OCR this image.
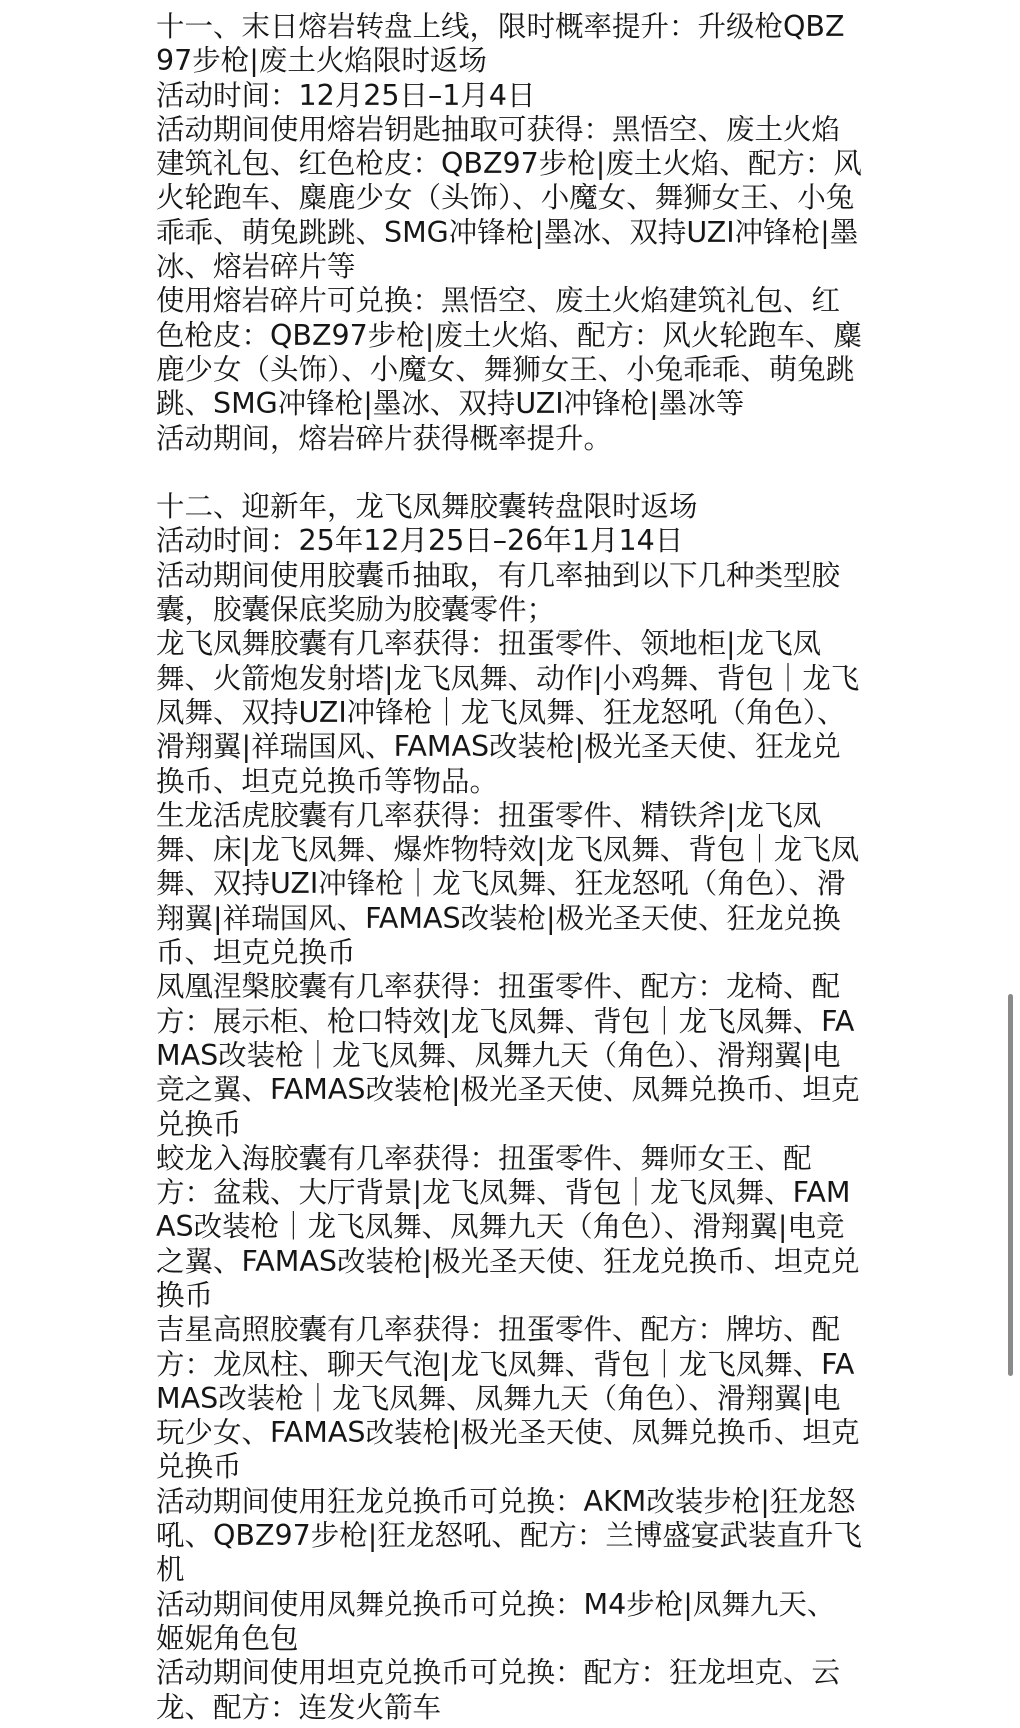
十一、末日熔岩转盘上线，限时概率提升：升级枪QBZ97步枪|废土火焰限时返场

活动时间：12月25日–1月4日

活动期间使用熔岩钥匙抽取可获得：黑悟空、废土火焰建筑礼包、红色枪皮：QBZ97步枪|废土火焰、配方：风火轮跑车、麋鹿少女（头饰）、小魔女、舞狮女王、小兔乖乖、萌兔跳跳、SMG冲锋枪|墨冰、双持UZI冲锋枪|墨冰、熔岩碎片等

使用熔岩碎片可兑换：黑悟空、废土火焰建筑礼包、红色枪皮：QBZ97步枪|废土火焰、配方：风火轮跑车、麋鹿少女（头饰）、小魔女、舞狮女王、小兔乖乖、萌兔跳跳、SMG冲锋枪|墨冰、双持UZI冲锋枪|墨冰等

活动期间，熔岩碎片获得概率提升。

十二、迎新年，龙飞凤舞胶囊转盘限时返场

活动时间：25年12月25日–26年1月14日

活动期间使用胶囊币抽取，有几率抽到以下几种类型胶囊，胶囊保底奖励为胶囊零件；

龙飞凤舞胶囊有几率获得：扭蛋零件、领地柜|龙飞凤舞、火箭炮发射塔|龙飞凤舞、动作|小鸡舞、背包｜龙飞凤舞、双持UZI冲锋枪｜龙飞凤舞、狂龙怒吼（角色）、滑翔翼|祥瑞国风、FAMAS改装枪|极光圣天使、狂龙兑换币、坦克兑换币等物品。

生龙活虎胶囊有几率获得：扭蛋零件、精铁斧|龙飞凤舞、床|龙飞凤舞、爆炸物特效|龙飞凤舞、背包｜龙飞凤舞、双持UZI冲锋枪｜龙飞凤舞、狂龙怒吼（角色）、滑翔翼|祥瑞国风、FAMAS改装枪|极光圣天使、狂龙兑换币、坦克兑换币

凤凰涅槃胶囊有几率获得：扭蛋零件、配方：龙椅、配方：展示柜、枪口特效|龙飞凤舞、背包｜龙飞凤舞、FAMAS改装枪｜龙飞凤舞、凤舞九天（角色）、滑翔翼|电竞之翼、FAMAS改装枪|极光圣天使、凤舞兑换币、坦克兑换币

蛟龙入海胶囊有几率获得：扭蛋零件、舞师女王、配方：盆栽、大厅背景|龙飞凤舞、背包｜龙飞凤舞、FAMAS改装枪｜龙飞凤舞、凤舞九天（角色）、滑翔翼|电竞之翼、FAMAS改装枪|极光圣天使、狂龙兑换币、坦克兑换币

吉星高照胶囊有几率获得：扭蛋零件、配方：牌坊、配方：龙凤柱、聊天气泡|龙飞凤舞、背包｜龙飞凤舞、FAMAS改装枪｜龙飞凤舞、凤舞九天（角色）、滑翔翼|电玩少女、FAMAS改装枪|极光圣天使、凤舞兑换币、坦克兑换币

活动期间使用狂龙兑换币可兑换：AKM改装步枪|狂龙怒吼、QBZ97步枪|狂龙怒吼、配方：兰博盛宴武装直升飞机

活动期间使用凤舞兑换币可兑换：M4步枪|凤舞九天、姬妮角色包

活动期间使用坦克兑换币可兑换：配方：狂龙坦克、云龙、配方：连发火箭车
